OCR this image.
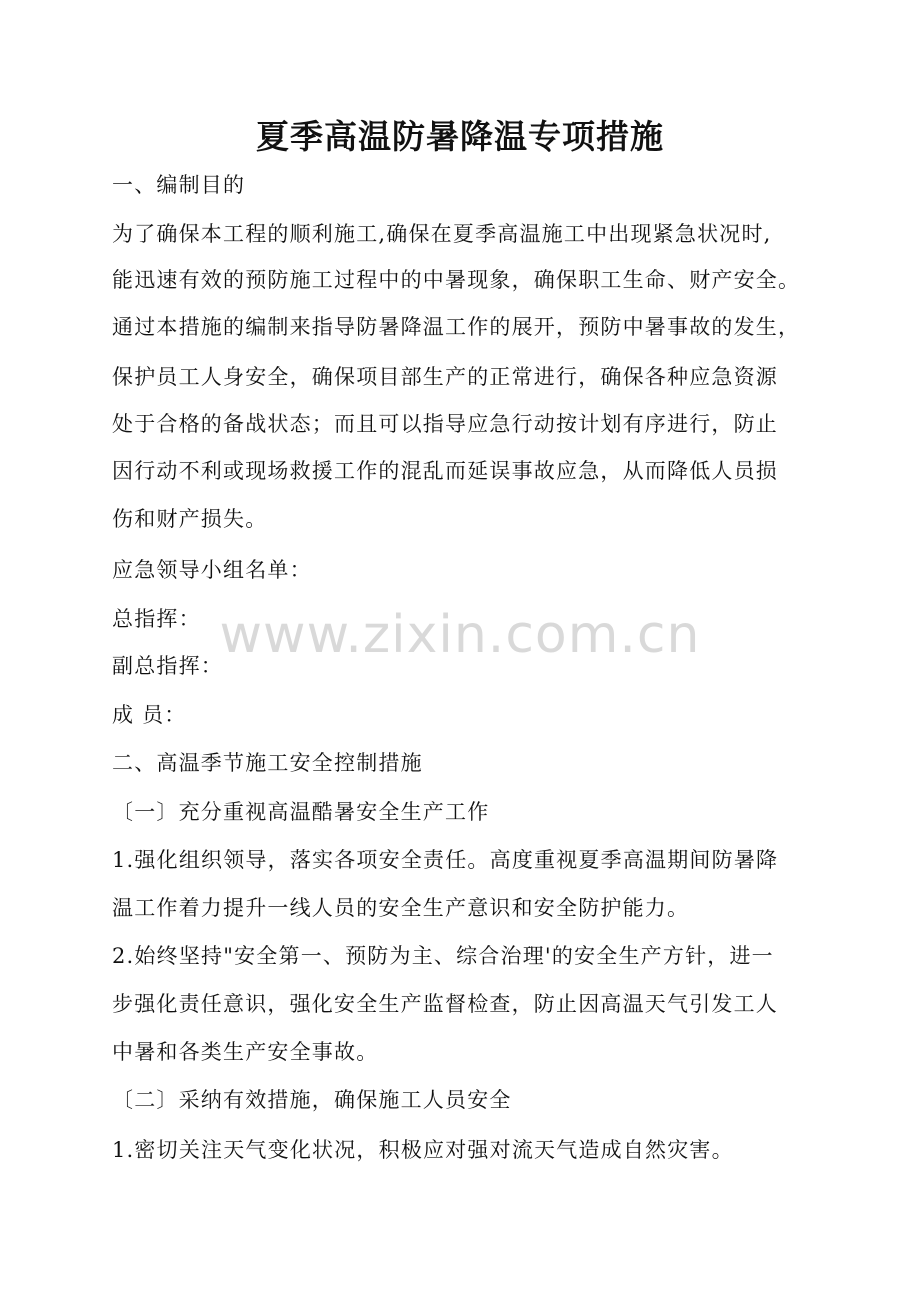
夏季高温防暑降温专项措施
www.zixin.com.cn
一、编制目的
为了确保本工程的顺利施工,确保在夏季高温施工中出现紧急状况时,
能迅速有效的预防施工过程中的中暑现象，确保职工生命、财产安全。
通过本措施的编制来指导防暑降温工作的展开，预防中暑事故的发生，
保护员工人身安全，确保项目部生产的正常进行，确保各种应急资源
处于合格的备战状态；而且可以指导应急行动按计划有序进行，防止
因行动不利或现场救援工作的混乱而延误事故应急，从而降低人员损
伤和财产损失。
应急领导小组名单：
总指挥：
副总指挥：
成 员：
二、高温季节施工安全控制措施
〔一〕充分重视高温酷暑安全生产工作
1.强化组织领导，落实各项安全责任。高度重视夏季高温期间防暑降
温工作着力提升一线人员的安全生产意识和安全防护能力。
2.始终坚持"安全第一、预防为主、综合治理'的安全生产方针，进一
步强化责任意识，强化安全生产监督检查，防止因高温天气引发工人
中暑和各类生产安全事故。
〔二〕采纳有效措施，确保施工人员安全
1.密切关注天气变化状况，积极应对强对流天气造成自然灾害。
